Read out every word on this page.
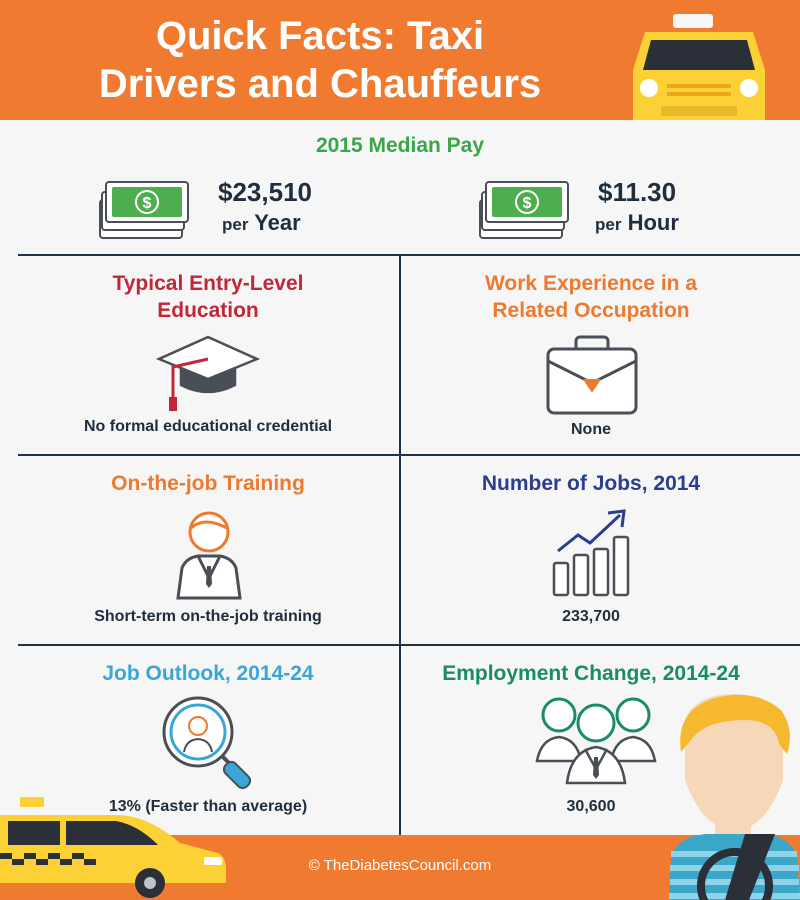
Quick Facts: Taxi
Drivers and Chauffeurs
2015 Median Pay
$	$23,510
per Year
$	$11.30
per Hour
Typical Entry-Level
Education
No formal educational credential
Work Experience in a
Related Occupation
None
On-the-job Training
Short-term on-the-job training
Number of Jobs, 2014
233,700
Job Outlook, 2014-24
13% (Faster than average)
Employment Change, 2014-24
30,600
© TheDiabetesCouncil.com
